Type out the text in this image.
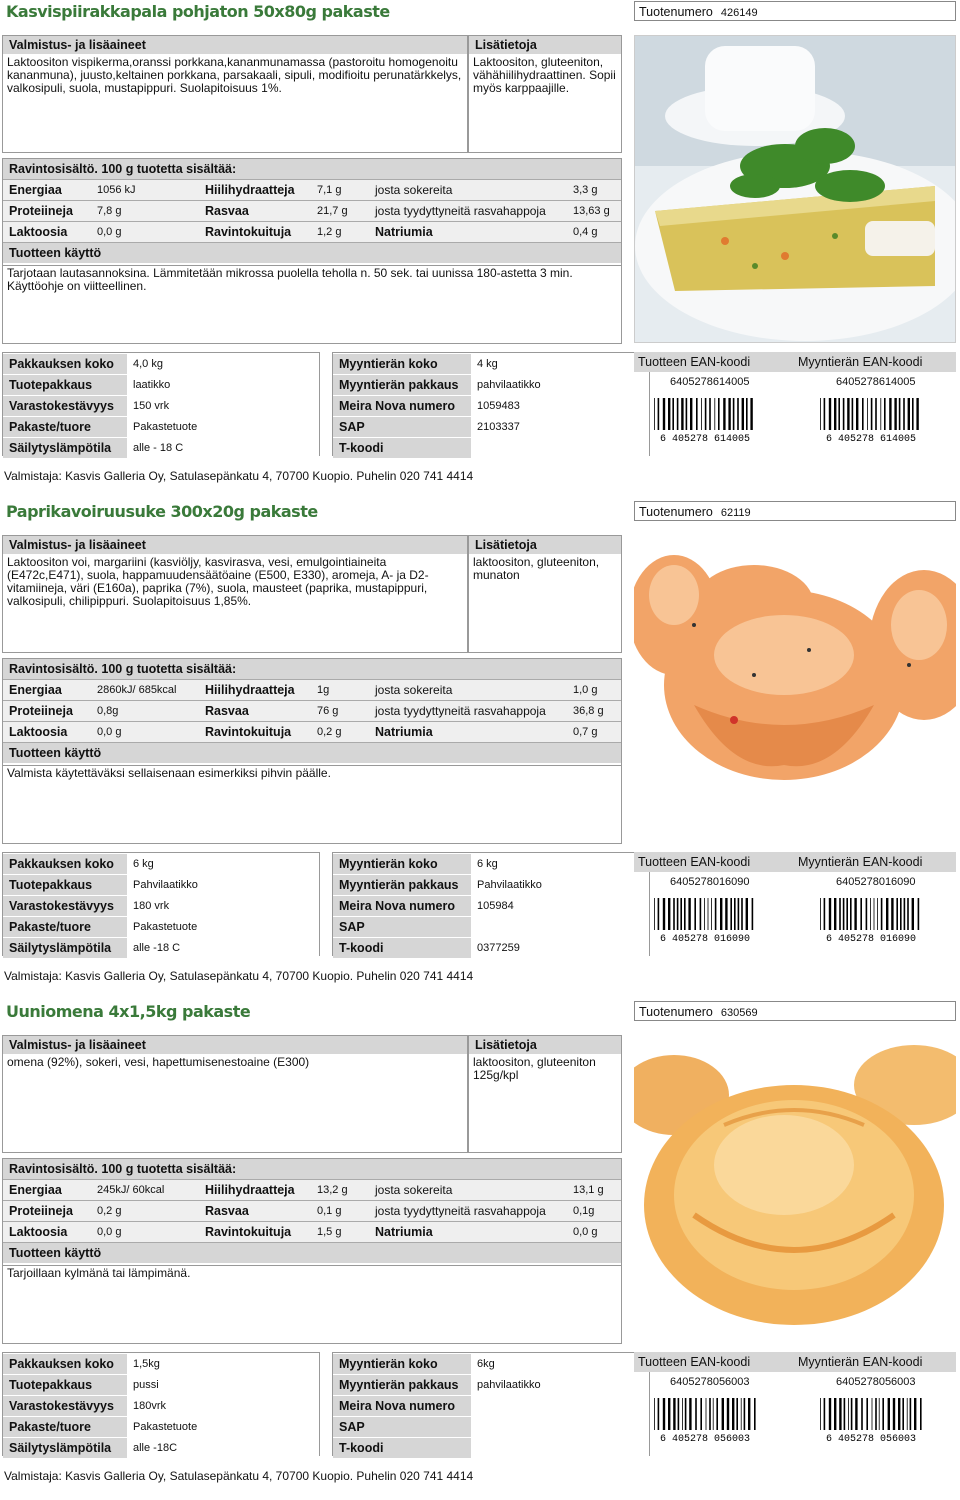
Kasvispiirakkapala pohjaton 50x80g pakaste	Tuotenumero 426149
Valmistus- ja lisäaineet
Laktoositon vispikerma,oranssi porkkana,kananmunamassa (pastoroitu homogenoitu kananmuna), juusto,keltainen porkkana, parsakaali, sipuli, modifioitu perunatärkkelys, valkosipuli, suola, mustapippuri. Suolapitoisuus 1%.
Lisätietoja
Laktoositon, gluteeniton, vähähiilihydraattinen. Sopii myös karppaajille.
Ravintosisältö. 100 g tuotetta sisältää:
Energiaa	1056 kJ	Hiilihydraatteja 7,1 g	josta sokereita	3,3 g
Proteiineja 7,8 g	Rasvaa	21,7 g josta tyydyttyneitä rasvahappoja 13,63 g
Laktoosia	0,0 g	Ravintokuituja 1,2 g	Natriumia	0,4 g
Tuotteen käyttö
Tarjotaan lautasannoksina. Lämmitetään mikrossa puolella teholla n. 50 sek. tai uunissa 180-astetta 3 min. Käyttöohje on viitteellinen.
Pakkauksen koko	4,0 kg
Tuotepakkaus	laatikko
Varastokestävyys	150 vrk
Pakaste/tuore	Pakastetuote
Säilytyslämpötila	alle - 18 C
Myyntierän koko	4 kg
Myyntierän pakkaus	pahvilaatikko
Meira Nova numero	1059483
SAP	2103337
T-koodi
Tuotteen EAN-koodi	Myyntierän EAN-koodi
6405278614005	6405278614005
6 405278 614005	6 405278 614005
Valmistaja: Kasvis Galleria Oy, Satulasepänkatu 4, 70700 Kuopio. Puhelin 020 741 4414
Paprikavoiruusuke 300x20g pakaste	Tuotenumero 62119
Valmistus- ja lisäaineet
Laktoositon voi, margariini (kasviöljy, kasvirasva, vesi, emulgointiaineita (E472c,E471), suola, happamuudensäätöaine (E500, E330), aromeja, A- ja D2-vitamiineja, väri (E160a), paprika (7%), suola, mausteet (paprika, mustapippuri, valkosipuli, chilipippuri. Suolapitoisuus 1,85%.
Lisätietoja
laktoositon, gluteeniton, munaton
Ravintosisältö. 100 g tuotetta sisältää:
Energiaa	2860kJ/ 685kcal Hiilihydraatteja 1g	josta sokereita	1,0 g
Proteiineja 0,8g	Rasvaa	76 g	josta tyydyttyneitä rasvahappoja 36,8 g
Laktoosia	0,0 g	Ravintokuituja 0,2 g	Natriumia	0,7 g
Tuotteen käyttö
Valmista käytettäväksi sellaisenaan esimerkiksi pihvin päälle.
Pakkauksen koko	6 kg
Tuotepakkaus	Pahvilaatikko
Varastokestävyys	180 vrk
Pakaste/tuore	Pakastetuote
Säilytyslämpötila	alle -18 C
Myyntierän koko	6 kg
Myyntierän pakkaus	Pahvilaatikko
Meira Nova numero	105984
SAP
T-koodi	0377259
Tuotteen EAN-koodi	Myyntierän EAN-koodi
6405278016090	6405278016090
6 405278 016090	6 405278 016090
Valmistaja: Kasvis Galleria Oy, Satulasepänkatu 4, 70700 Kuopio. Puhelin 020 741 4414
Uuniomena 4x1,5kg pakaste	Tuotenumero 630569
Valmistus- ja lisäaineet
omena (92%), sokeri, vesi, hapettumisenestoaine (E300)
Lisätietoja
laktoositon, gluteeniton 125g/kpl
Ravintosisältö. 100 g tuotetta sisältää:
Energiaa	245kJ/ 60kcal	Hiilihydraatteja 13,2 g josta sokereita	13,1 g
Proteiineja 0,2 g	Rasvaa	0,1 g	josta tyydyttyneitä rasvahappoja 0,1g
Laktoosia	0,0 g	Ravintokuituja 1,5 g	Natriumia	0,0 g
Tuotteen käyttö
Tarjoillaan kylmänä tai lämpimänä.
Pakkauksen koko	1,5kg
Tuotepakkaus	pussi
Varastokestävyys	180vrk
Pakaste/tuore	Pakastetuote
Säilytyslämpötila	alle -18C
Myyntierän koko	6kg
Myyntierän pakkaus	pahvilaatikko
Meira Nova numero
SAP
T-koodi
Tuotteen EAN-koodi	Myyntierän EAN-koodi
6405278056003	6405278056003
6 405278 056003	6 405278 056003
Valmistaja: Kasvis Galleria Oy, Satulasepänkatu 4, 70700 Kuopio. Puhelin 020 741 4414
